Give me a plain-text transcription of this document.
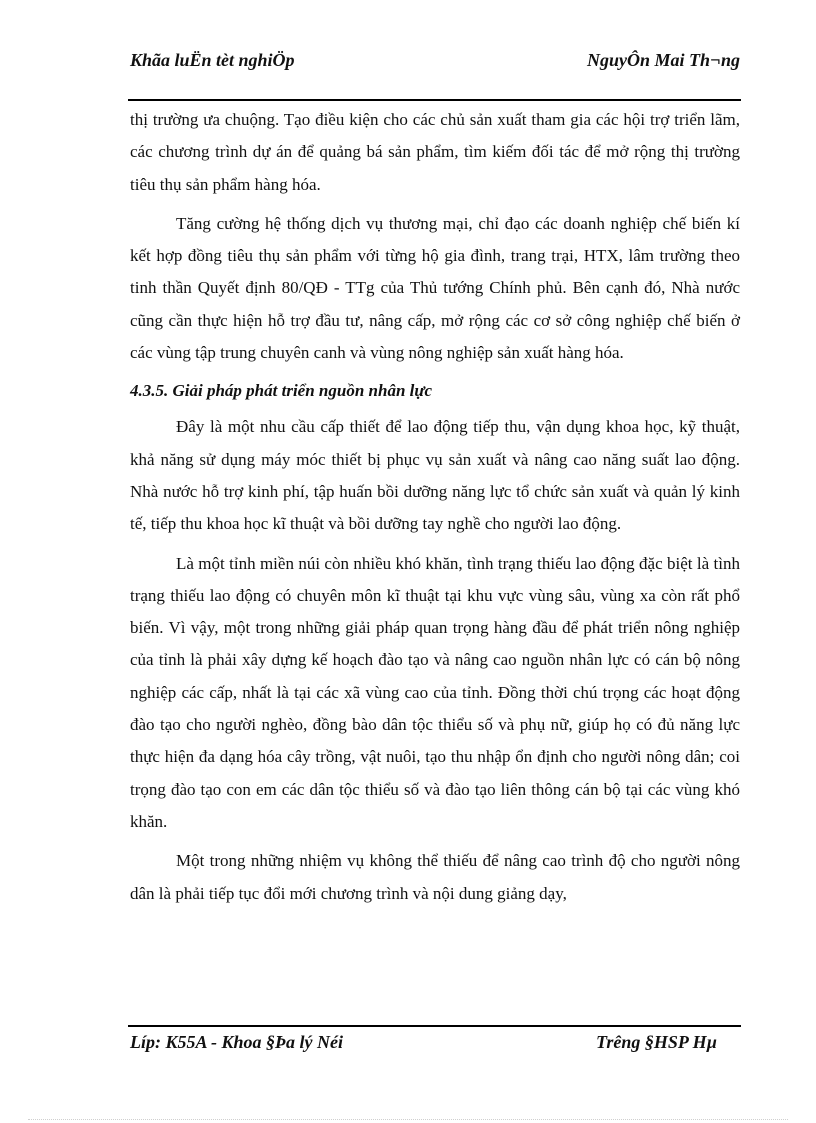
Khãa luËn tèt nghiÖp	NguyÔn Mai Th¬ng

thị trường ưa chuộng. Tạo điều kiện cho các chủ sản xuất tham gia các hội trợ triển lãm, các chương trình dự án để quảng bá sản phẩm, tìm kiếm đối tác để mở rộng thị trường tiêu thụ sản phẩm hàng hóa.

Tăng cường hệ thống dịch vụ thương mại, chỉ đạo các doanh nghiệp chế biến kí kết hợp đồng tiêu thụ sản phẩm với từng hộ gia đình, trang trại, HTX, lâm trường theo tinh thần Quyết định 80/QĐ - TTg của Thủ tướng Chính phủ. Bên cạnh đó, Nhà nước cũng cần thực hiện hỗ trợ đầu tư, nâng cấp, mở rộng các cơ sở công nghiệp chế biến ở các vùng tập trung chuyên canh và vùng nông nghiệp sản xuất hàng hóa.

4.3.5. Giải pháp phát triển nguồn nhân lực

Đây là một nhu cầu cấp thiết để lao động tiếp thu, vận dụng khoa học, kỹ thuật, khả năng sử dụng máy móc thiết bị phục vụ sản xuất và nâng cao năng suất lao động. Nhà nước hỗ trợ kinh phí, tập huấn bồi dưỡng năng lực tổ chức sản xuất và quản lý kinh tế, tiếp thu khoa học kĩ thuật và bồi dưỡng tay nghề cho người lao động.

Là một tỉnh miền núi còn nhiều khó khăn, tình trạng thiếu lao động đặc biệt là tình trạng thiếu lao động có chuyên môn kĩ thuật tại khu vực vùng sâu, vùng xa còn rất phổ biến. Vì vậy, một trong những giải pháp quan trọng hàng đầu để phát triển nông nghiệp của tỉnh là phải xây dựng kế hoạch đào tạo và nâng cao nguồn nhân lực có cán bộ nông nghiệp các cấp, nhất là tại các xã vùng cao của tỉnh. Đồng thời chú trọng các hoạt động đào tạo cho người nghèo, đồng bào dân tộc thiểu số và phụ nữ, giúp họ có đủ năng lực thực hiện đa dạng hóa cây trồng, vật nuôi, tạo thu nhập ổn định cho người nông dân; coi trọng đào tạo con em các dân tộc thiểu số và đào tạo liên thông cán bộ tại các vùng khó khăn.

Một trong những nhiệm vụ không thể thiếu để nâng cao trình độ cho người nông dân là phải tiếp tục đổi mới chương trình và nội dung giảng dạy,

Líp: K55A - Khoa §Þa lý Néi	Trêng §HSP Hµ
